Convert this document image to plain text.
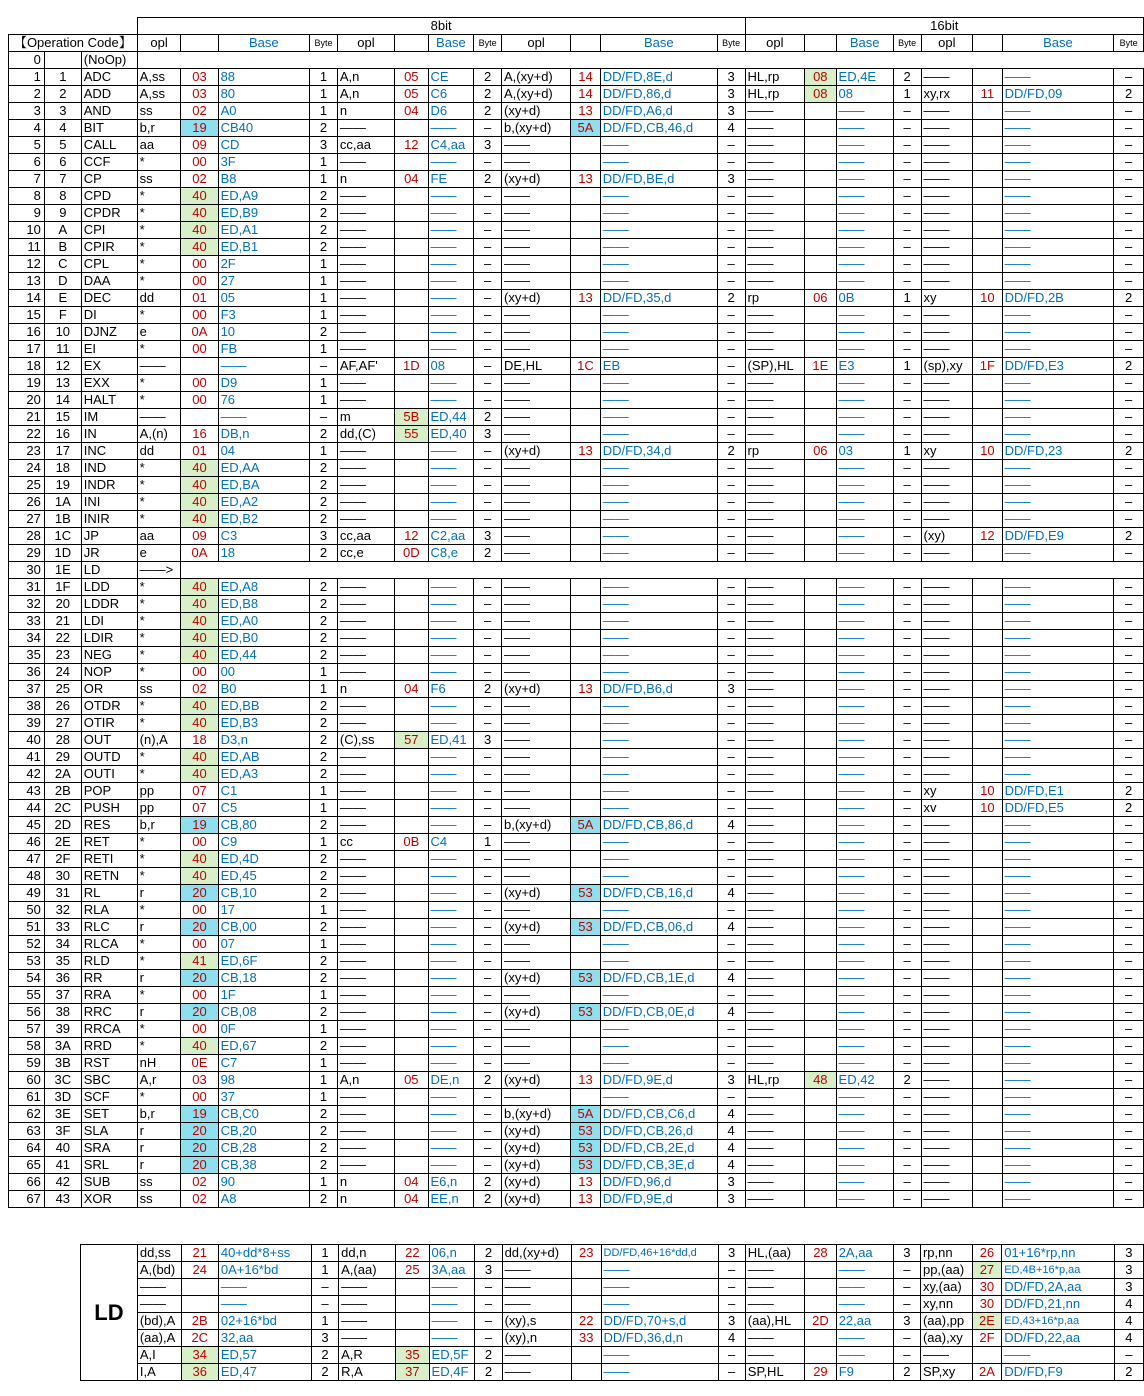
			8bit												16bit							
【Operation Code】			opl		Base	Byte	opl		Base	Byte	opl		Base	Byte	opl		Base	Byte	opl		Base	Byte
0		(NoOp)																				
1	1	ADC	A,ss	03	88	1	A,n	05	CE	2	A,(xy+d)	14	DD/FD,8E,d	3	HL,rp	08	ED,4E	2	——		——	–
2	2	ADD	A,ss	03	80	1	A,n	05	C6	2	A,(xy+d)	14	DD/FD,86,d	3	HL,rp	08	08	1	xy,rx	11	DD/FD,09	2
3	3	AND	ss	02	A0	1	n	04	D6	2	(xy+d)	13	DD/FD,A6,d	3	——		——	–	——		——	–
4	4	BIT	b,r	19	CB40	2	——		——	–	b,(xy+d)	5A	DD/FD,CB,46,d	4	——		——	–	——		——	–
5	5	CALL	aa	09	CD	3	cc,aa	12	C4,aa	3	——		——	–	——		——	–	——		——	–
6	6	CCF	*	00	3F	1	——		——	–	——		——	–	——		——	–	——		——	–
7	7	CP	ss	02	B8	1	n	04	FE	2	(xy+d)	13	DD/FD,BE,d	3	——		——	–	——		——	–
8	8	CPD	*	40	ED,A9	2	——		——	–	——		——	–	——		——	–	——		——	–
9	9	CPDR	*	40	ED,B9	2	——		——	–	——		——	–	——		——	–	——		——	–
10	A	CPI	*	40	ED,A1	2	——		——	–	——		——	–	——		——	–	——		——	–
11	B	CPIR	*	40	ED,B1	2	——		——	–	——		——	–	——		——	–	——		——	–
12	C	CPL	*	00	2F	1	——		——	–	——		——	–	——		——	–	——		——	–
13	D	DAA	*	00	27	1	——		——	–	——		——	–	——		——	–	——		——	–
14	E	DEC	dd	01	05	1	——		——	–	(xy+d)	13	DD/FD,35,d	2	rp	06	0B	1	xy	10	DD/FD,2B	2
15	F	DI	*	00	F3	1	——		——	–	——		——	–	——		——	–	——		——	–
16	10	DJNZ	e	0A	10	2	——		——	–	——		——	–	——		——	–	——		——	–
17	11	EI	*	00	FB	1	——		——	–	——		——	–	——		——	–	——		——	–
18	12	EX	——		——	–	AF,AF'	1D	08	–	DE,HL	1C	EB	–	(SP),HL	1E	E3	1	(sp),xy	1F	DD/FD,E3	2
19	13	EXX	*	00	D9	1	——		——	–	——		——	–	——		——	–	——		——	–
20	14	HALT	*	00	76	1	——		——	–	——		——	–	——		——	–	——		——	–
21	15	IM	——		——	–	m	5B	ED,44	2	——		——	–	——		——	–	——		——	–
22	16	IN	A,(n)	16	DB,n	2	dd,(C)	55	ED,40	3	——		——	–	——		——	–	——		——	–
23	17	INC	dd	01	04	1	——		——	–	(xy+d)	13	DD/FD,34,d	2	rp	06	03	1	xy	10	DD/FD,23	2
24	18	IND	*	40	ED,AA	2	——		——	–	——		——	–	——		——	–	——		——	–
25	19	INDR	*	40	ED,BA	2	——		——	–	——		——	–	——		——	–	——		——	–
26	1A	INI	*	40	ED,A2	2	——		——	–	——		——	–	——		——	–	——		——	–
27	1B	INIR	*	40	ED,B2	2	——		——	–	——		——	–	——		——	–	——		——	–
28	1C	JP	aa	09	C3	3	cc,aa	12	C2,aa	3	——		——	–	——		——	–	(xy)	12	DD/FD,E9	2
29	1D	JR	e	0A	18	2	cc,e	0D	C8,e	2	——		——	–	——		——	–	——		——	–
30	1E	LD	——>																			
31	1F	LDD	*	40	ED,A8	2	——		——	–	——		——	–	——		——	–	——		——	–
32	20	LDDR	*	40	ED,B8	2	——		——	–	——		——	–	——		——	–	——		——	–
33	21	LDI	*	40	ED,A0	2	——		——	–	——		——	–	——		——	–	——		——	–
34	22	LDIR	*	40	ED,B0	2	——		——	–	——		——	–	——		——	–	——		——	–
35	23	NEG	*	40	ED,44	2	——		——	–	——		——	–	——		——	–	——		——	–
36	24	NOP	*	00	00	1	——		——	–	——		——	–	——		——	–	——		——	–
37	25	OR	ss	02	B0	1	n	04	F6	2	(xy+d)	13	DD/FD,B6,d	3	——		——	–	——		——	–
38	26	OTDR	*	40	ED,BB	2	——		——	–	——		——	–	——		——	–	——		——	–
39	27	OTIR	*	40	ED,B3	2	——		——	–	——		——	–	——		——	–	——		——	–
40	28	OUT	(n),A	18	D3,n	2	(C),ss	57	ED,41	3	——		——	–	——		——	–	——		——	–
41	29	OUTD	*	40	ED,AB	2	——		——	–	——		——	–	——		——	–	——		——	–
42	2A	OUTI	*	40	ED,A3	2	——		——	–	——		——	–	——		——	–	——		——	–
43	2B	POP	pp	07	C1	1	——		——	–	——		——	–	——		——	–	xy	10	DD/FD,E1	2
44	2C	PUSH	pp	07	C5	1	——		——	–	——		——	–	——		——	–	xv	10	DD/FD,E5	2
45	2D	RES	b,r	19	CB,80	2	——		——	–	b,(xy+d)	5A	DD/FD,CB,86,d	4	——		——	–	——		——	–
46	2E	RET	*	00	C9	1	cc	0B	C4	1	——		——	–	——		——	–	——		——	–
47	2F	RETI	*	40	ED,4D	2	——		——	–	——		——	–	——		——	–	——		——	–
48	30	RETN	*	40	ED,45	2	——		——	–	——		——	–	——		——	–	——		——	–
49	31	RL	r	20	CB,10	2	——		——	–	(xy+d)	53	DD/FD,CB,16,d	4	——		——	–	——		——	–
50	32	RLA	*	00	17	1	——		——	–	——		——	–	——		——	–	——		——	–
51	33	RLC	r	20	CB,00	2	——		——	–	(xy+d)	53	DD/FD,CB,06,d	4	——		——	–	——		——	–
52	34	RLCA	*	00	07	1	——		——	–	——		——	–	——		——	–	——		——	–
53	35	RLD	*	41	ED,6F	2	——		——	–	——		——	–	——		——	–	——		——	–
54	36	RR	r	20	CB,18	2	——		——	–	(xy+d)	53	DD/FD,CB,1E,d	4	——		——	–	——		——	–
55	37	RRA	*	00	1F	1	——		——	–	——		——	–	——		——	–	——		——	–
56	38	RRC	r	20	CB,08	2	——		——	–	(xy+d)	53	DD/FD,CB,0E,d	4	——		——	–	——		——	–
57	39	RRCA	*	00	0F	1	——		——	–	——		——	–	——		——	–	——		——	–
58	3A	RRD	*	40	ED,67	2	——		——	–	——		——	–	——		——	–	——		——	–
59	3B	RST	nH	0E	C7	1	——		——	–	——		——	–	——		——	–	——		——	–
60	3C	SBC	A,r	03	98	1	A,n	05	DE,n	2	(xy+d)	13	DD/FD,9E,d	3	HL,rp	48	ED,42	2	——		——	–
61	3D	SCF	*	00	37	1	——		——	–	——		——	–	——		——	–	——		——	–
62	3E	SET	b,r	19	CB,C0	2	——		——	–	b,(xy+d)	5A	DD/FD,CB,C6,d	4	——		——	–	——		——	–
63	3F	SLA	r	20	CB,20	2	——		——	–	(xy+d)	53	DD/FD,CB,26,d	4	——		——	–	——		——	–
64	40	SRA	r	20	CB,28	2	——		——	–	(xy+d)	53	DD/FD,CB,2E,d	4	——		——	–	——		——	–
65	41	SRL	r	20	CB,38	2	——		——	–	(xy+d)	53	DD/FD,CB,3E,d	4	——		——	–	——		——	–
66	42	SUB	ss	02	90	1	n	04	E6,n	2	(xy+d)	13	DD/FD,96,d	3	——		——	–	——		——	–
67	43	XOR	ss	02	A8	2	n	04	EE,n	2	(xy+d)	13	DD/FD,9E,d	3	——		——	–	——		——	–
LD	dd,ss	21	40+dd*8+ss	1	dd,n	22	06,n	2	dd,(xy+d)	23	DD/FD,46+16*dd,d	3	HL,(aa)	28	2A,aa	3	rp,nn	26	01+16*rp,nn	3
	A,(bd)	24	0A+16*bd	1	A,(aa)	25	3A,aa	3	——		——	–	——		——	–	pp,(aa)	27	ED,4B+16*p,aa	3
	——		——	–	——		——	–	——		——	–	——		——	–	xy,(aa)	30	DD/FD,2A,aa	3
	——		——	–	——		——	–	——		——	–	——		——	–	xy,nn	30	DD/FD,21,nn	4
	(bd),A	2B	02+16*bd	1	——		——	–	(xy),s	22	DD/FD,70+s,d	3	(aa),HL	2D	22,aa	3	(aa),pp	2E	ED,43+16*p,aa	4
	(aa),A	2C	32,aa	3	——		——	–	(xy),n	33	DD/FD,36,d,n	4	——		——	–	(aa),xy	2F	DD/FD,22,aa	4
	A,I	34	ED,57	2	A,R	35	ED,5F	2	——		——	–	——		——	–	——		——	–
	I,A	36	ED,47	2	R,A	37	ED,4F	2	——		——	–	SP,HL	29	F9	2	SP,xy	2A	DD/FD,F9	2
